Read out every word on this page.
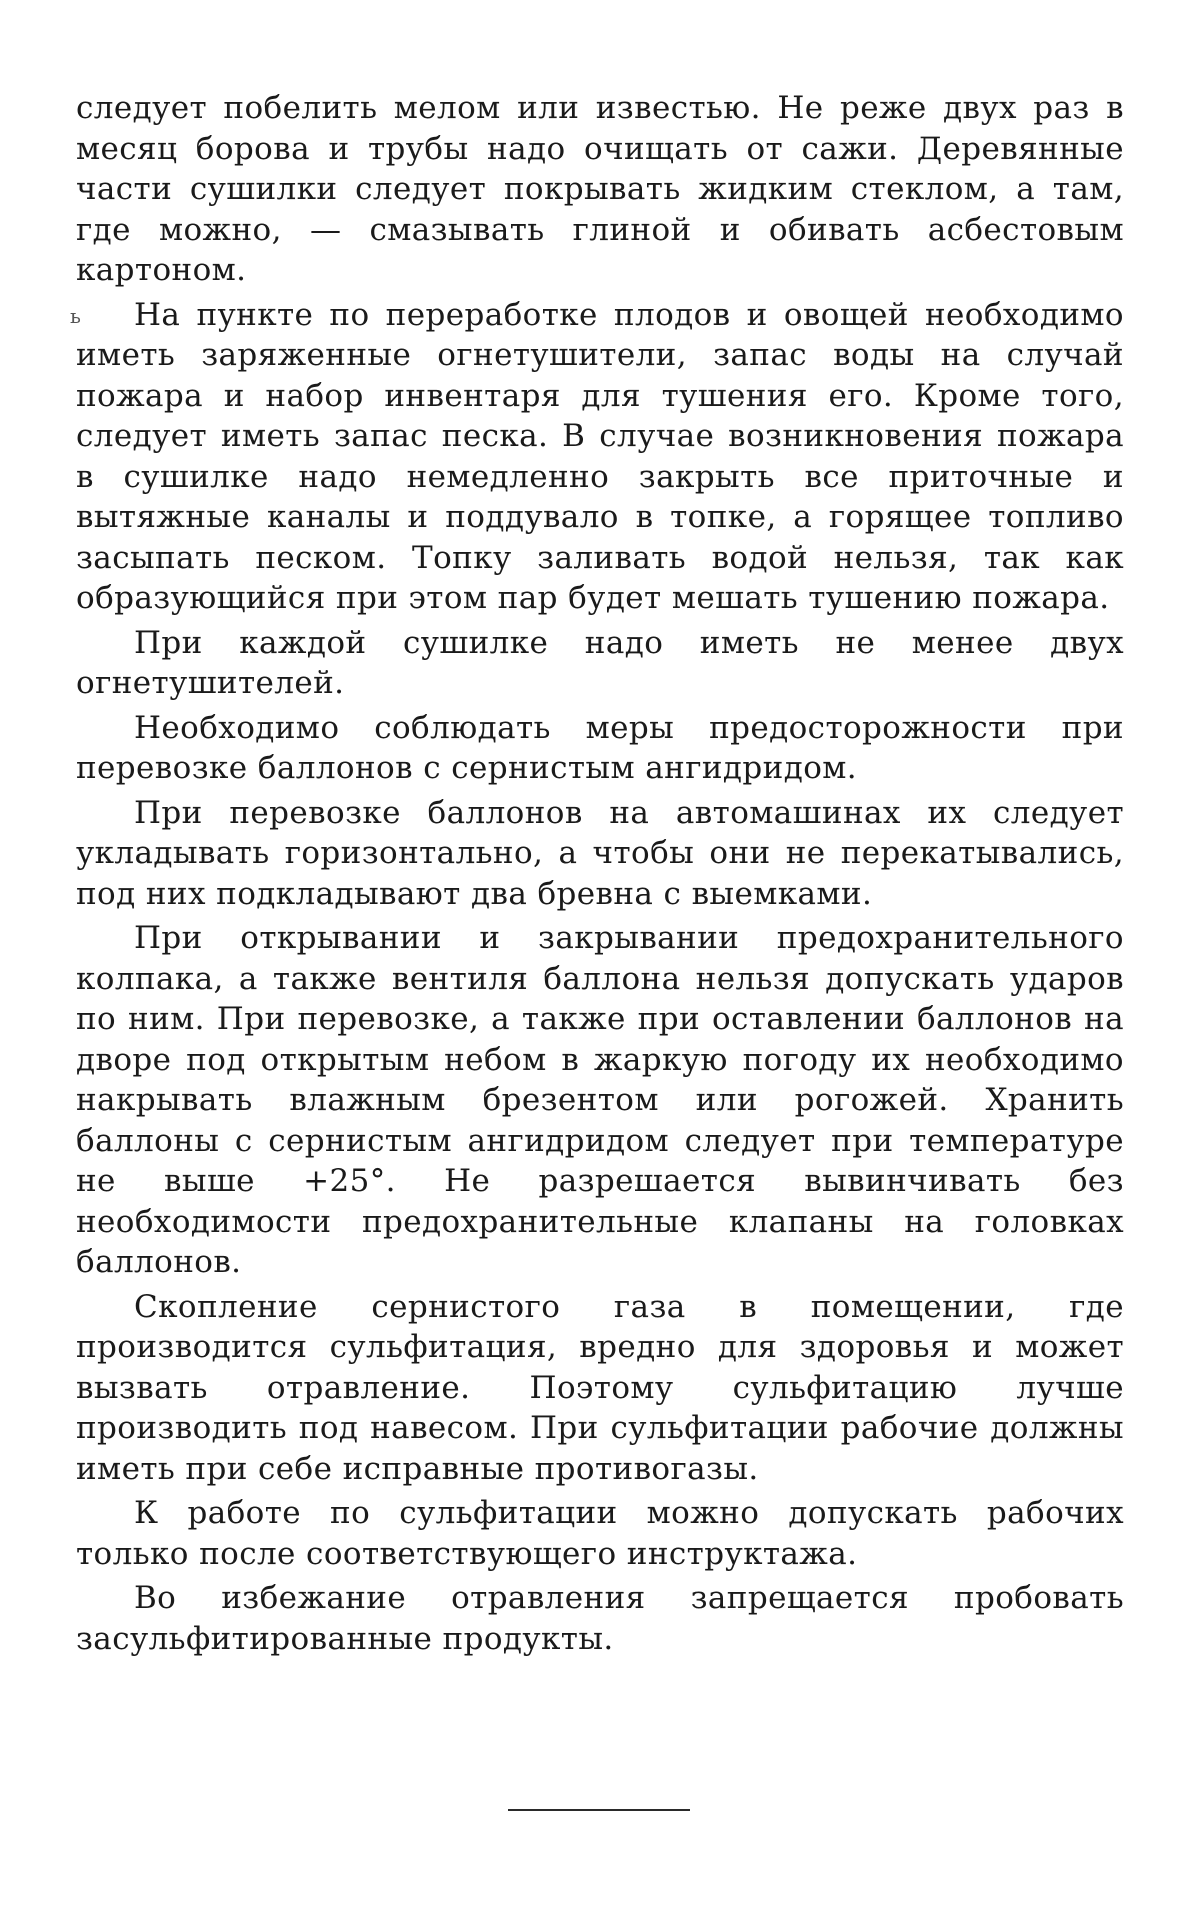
ь

следует побелить мелом или известью. Не реже двух раз в месяц борова и трубы надо очищать от сажи. Деревянные части сушилки следует покрывать жидким стеклом, а там, где можно, — смазывать глиной и обивать асбестовым картоном.

На пункте по переработке плодов и овощей необходимо иметь заряженные огнетушители, запас воды на случай пожара и набор инвентаря для тушения его. Кроме того, следует иметь запас песка. В случае возникновения пожара в сушилке надо немедленно закрыть все приточные и вытяжные каналы и поддувало в топке, а горящее топливо засыпать песком. Топку заливать водой нельзя, так как образующийся при этом пар будет мешать тушению пожара.

При каждой сушилке надо иметь не менее двух огнетушителей.

Необходимо соблюдать меры предосторожности при перевозке баллонов с сернистым ангидридом.

При перевозке баллонов на автомашинах их следует укладывать горизонтально, а чтобы они не перекатывались, под них подкладывают два бревна с выемками.

При открывании и закрывании предохранительного колпака, а также вентиля баллона нельзя допускать ударов по ним. При перевозке, а также при оставлении баллонов на дворе под открытым небом в жаркую погоду их необходимо накрывать влажным брезентом или рогожей. Хранить баллоны с сернистым ангидридом следует при температуре не выше +25°. Не разрешается вывинчивать без необходимости предохранительные клапаны на головках баллонов.

Скопление сернистого газа в помещении, где производится сульфитация, вредно для здоровья и может вызвать отравление. Поэтому сульфитацию лучше производить под навесом. При сульфитации рабочие должны иметь при себе исправные противогазы.

К работе по сульфитации можно допускать рабочих только после соответствующего инструктажа.

Во избежание отравления запрещается пробовать засульфитированные продукты.
